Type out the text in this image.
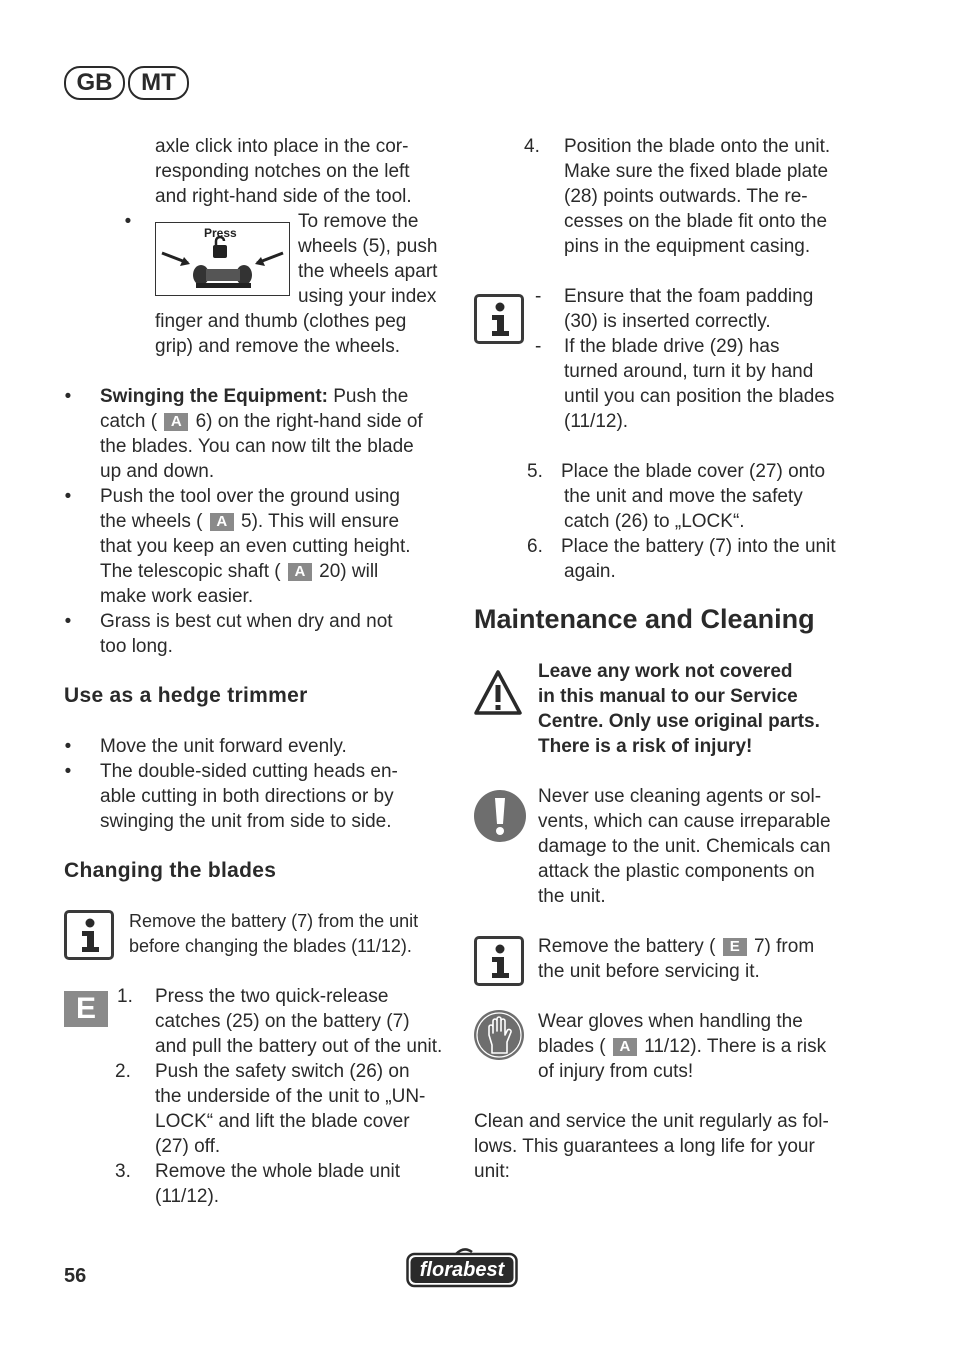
GB	MT
axle click into place in the cor-
responding notches on the left
and right-hand side of the tool.
•
Press
To remove the
wheels (5), push
the wheels apart
using your index
finger and thumb (clothes peg
grip) and remove the wheels.
• Swinging the Equipment: Push the
catch ( A 6) on the right-hand side of
the blades. You can now tilt the blade
up and down.
• Push the tool over the ground using
the wheels ( A 5). This will ensure
that you keep an even cutting height.
The telescopic shaft ( A 20) will
make work easier.
• Grass is best cut when dry and not
too long.
Use as a hedge trimmer
• Move the unit forward evenly.
• The double-sided cutting heads en-
able cutting in both directions or by
swinging the unit from side to side.
Changing the blades
Remove the battery (7) from the unit
before changing the blades (11/12).
E	1. Press the two quick-release
catches (25) on the battery (7)
and pull the battery out of the unit.
2. Push the safety switch (26) on
the underside of the unit to „UN-
LOCK“ and lift the blade cover
(27) off.
3. Remove the whole blade unit
(11/12).
4. Position the blade onto the unit.
Make sure the fixed blade plate
(28) points outwards. The re-
cesses on the blade fit onto the
pins in the equipment casing.
- Ensure that the foam padding
(30) is inserted correctly.
- If the blade drive (29) has
turned around, turn it by hand
until you can position the blades
(11/12).
5. Place the blade cover (27) onto
the unit and move the safety
catch (26) to „LOCK“.
6. Place the battery (7) into the unit
again.
Maintenance and Cleaning
Leave any work not covered
in this manual to our Service
Centre. Only use original parts.
There is a risk of injury!
Never use cleaning agents or sol-
vents, which can cause irreparable
damage to the unit. Chemicals can
attack the plastic components on
the unit.
Remove the battery ( E 7) from
the unit before servicing it.
Wear gloves when handling the
blades ( A 11/12). There is a risk
of injury from cuts!
Clean and service the unit regularly as fol-
lows. This guarantees a long life for your
unit:
56	florabest
